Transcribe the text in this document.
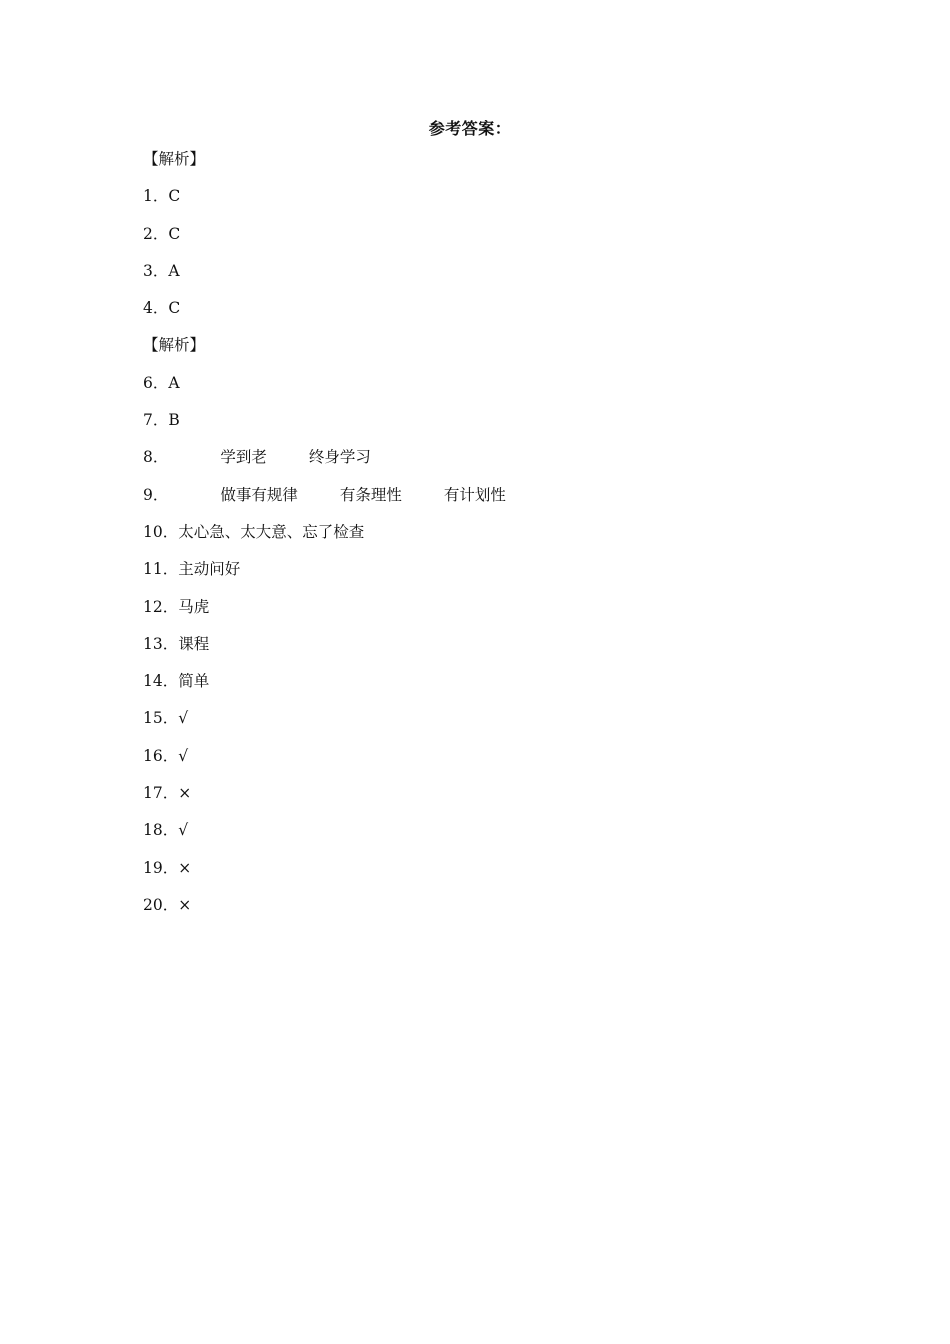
参考答案：
【解析】
1．C
2．C
3．A
4．C
【解析】
6．A
7．B
8．	学到老	终身学习
9．	做事有规律	有条理性	有计划性
10．太心急、太大意、忘了检查
11．主动问好
12．马虎
13．课程
14．简单
15．√
16．√
17．×
18．√
19．×
20．×
